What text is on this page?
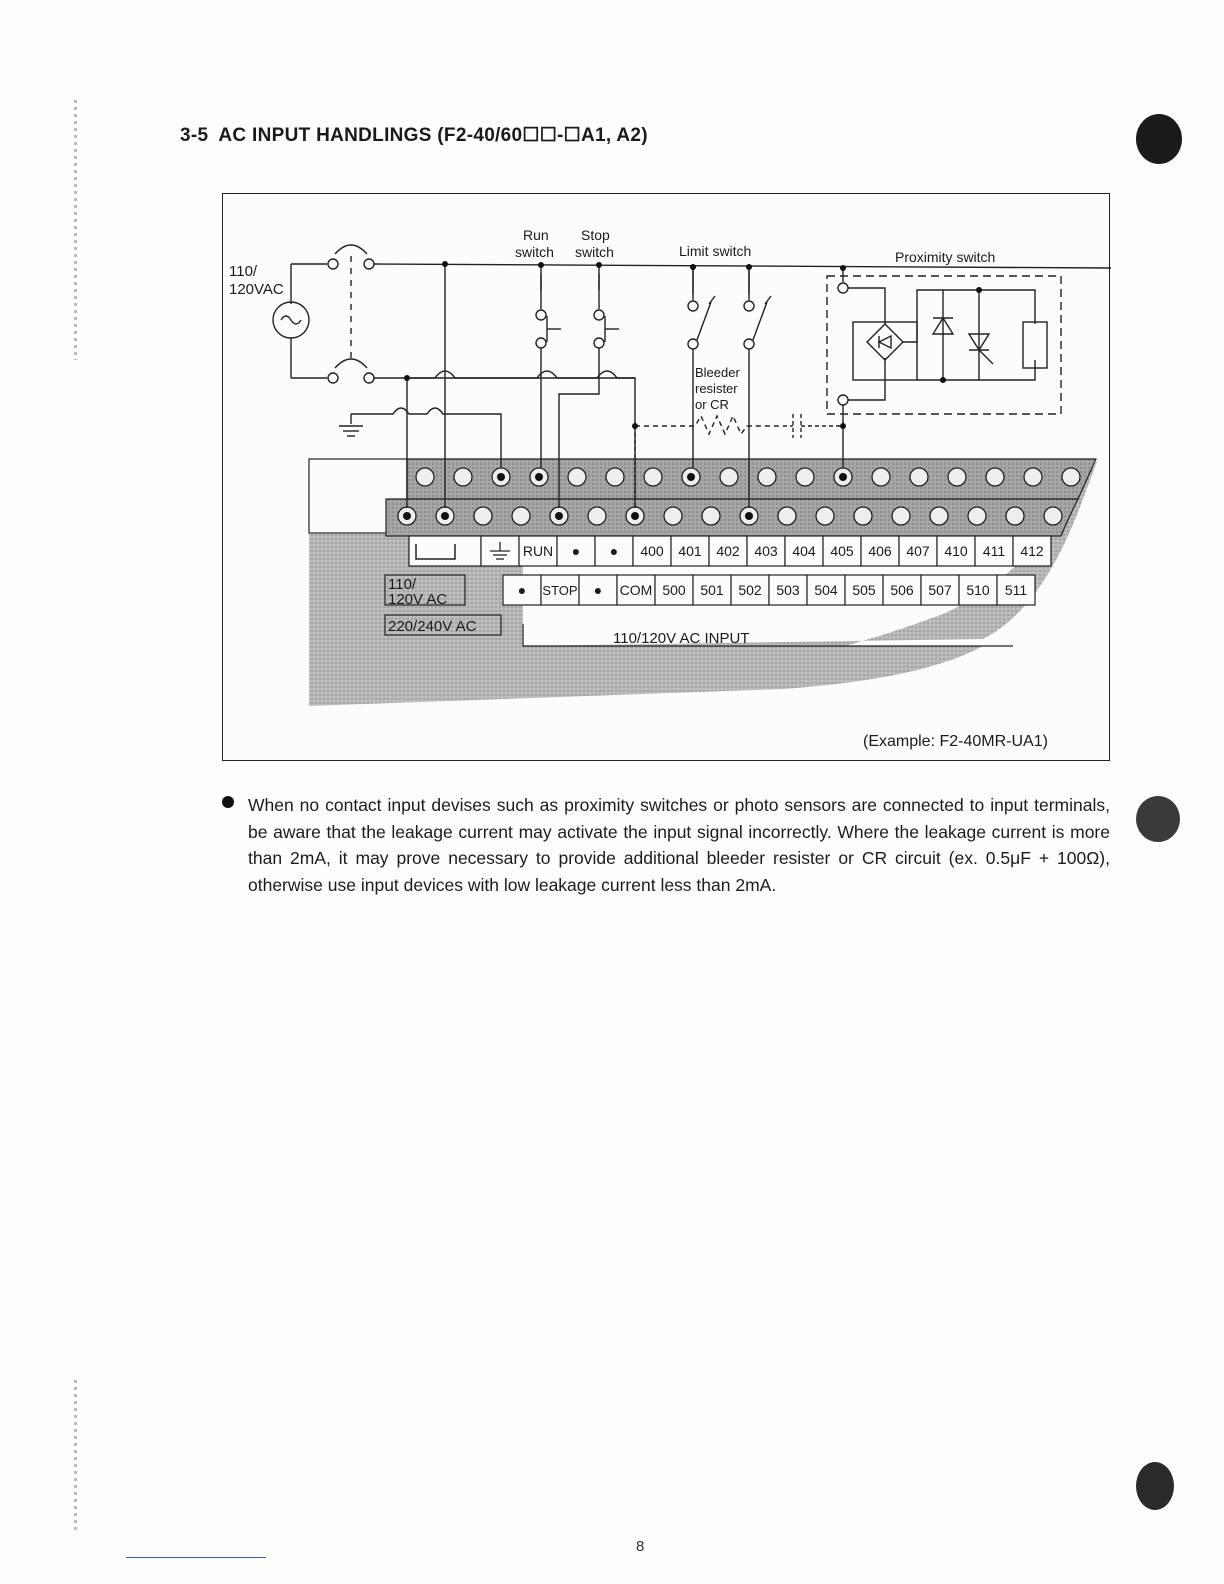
3-5 AC INPUT HANDLINGS (F2-40/60☐☐-☐A1, A2)
RUN ● ● 400 401 402 403 404 405 406 407 410 411 412
● STOP ● COM 500 501 502 503 504 505 506 507 510 511
110/
120V AC
220/240V AC
110/120V AC INPUT
110/
120VAC
Run
switch
Stop
switch	Limit switch
Bleeder
resister
or CR
Proximity switch
(Example: F2-40MR-UA1)
When no contact input devises such as proximity switches or photo sensors are connected to input terminals, be aware that the leakage current may activate the input signal incorrectly. Where the leakage current is more than 2mA, it may prove necessary to provide additional bleeder resister or CR circuit (ex. 0.5μF + 100Ω), otherwise use input devices with low leakage current less than 2mA.
8
